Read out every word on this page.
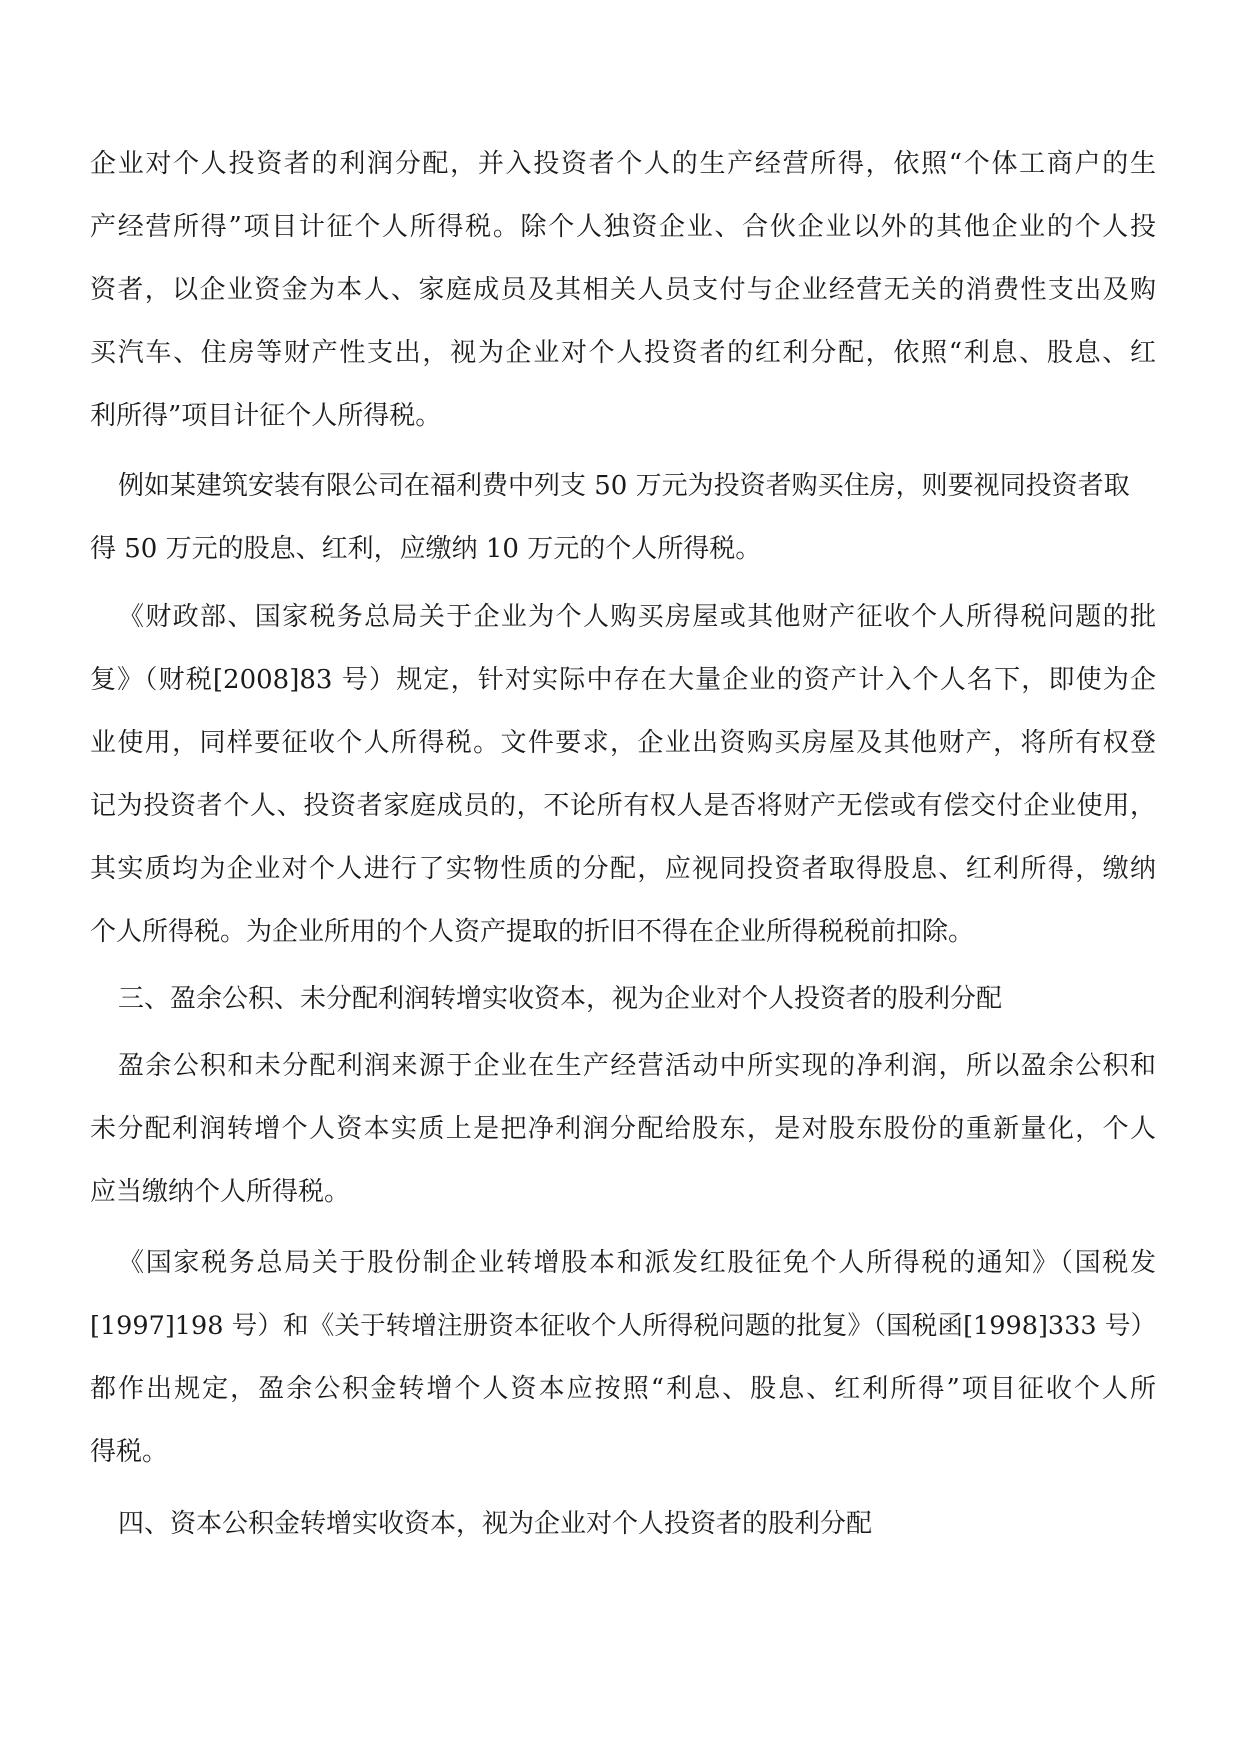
企业对个人投资者的利润分配，并入投资者个人的生产经营所得，依照“个体工商户的生
产经营所得”项目计征个人所得税。除个人独资企业、合伙企业以外的其他企业的个人投
资者，以企业资金为本人、家庭成员及其相关人员支付与企业经营无关的消费性支出及购
买汽车、住房等财产性支出，视为企业对个人投资者的红利分配，依照“利息、股息、红
利所得”项目计征个人所得税。
例如某建筑安装有限公司在福利费中列支 50 万元为投资者购买住房，则要视同投资者取
得 50 万元的股息、红利，应缴纳 10 万元的个人所得税。
《财政部、国家税务总局关于企业为个人购买房屋或其他财产征收个人所得税问题的批
复》（财税[2008]83 号）规定，针对实际中存在大量企业的资产计入个人名下，即使为企
业使用，同样要征收个人所得税。文件要求，企业出资购买房屋及其他财产，将所有权登
记为投资者个人、投资者家庭成员的，不论所有权人是否将财产无偿或有偿交付企业使用，
其实质均为企业对个人进行了实物性质的分配，应视同投资者取得股息、红利所得，缴纳
个人所得税。为企业所用的个人资产提取的折旧不得在企业所得税税前扣除。
三、盈余公积、未分配利润转增实收资本，视为企业对个人投资者的股利分配
盈余公积和未分配利润来源于企业在生产经营活动中所实现的净利润，所以盈余公积和
未分配利润转增个人资本实质上是把净利润分配给股东，是对股东股份的重新量化，个人
应当缴纳个人所得税。
《国家税务总局关于股份制企业转增股本和派发红股征免个人所得税的通知》（国税发
[1997]198 号）和《关于转增注册资本征收个人所得税问题的批复》（国税函[1998]333 号）
都作出规定，盈余公积金转增个人资本应按照“利息、股息、红利所得”项目征收个人所
得税。
四、资本公积金转增实收资本，视为企业对个人投资者的股利分配
